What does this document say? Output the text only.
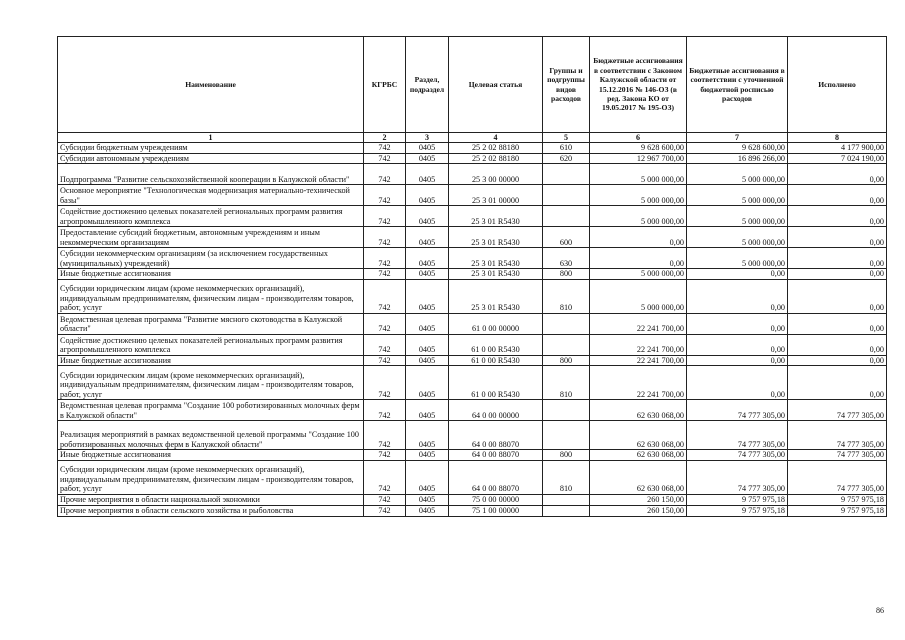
Наименование	КГРБС	Раздел, подраздел	Целевая статья	Группы и подгруппы видов расходов	Бюджетные ассигнования в соответствии с Законом Калужской области от 15.12.2016 № 146-ОЗ (в ред. Закона КО от 19.05.2017 № 195-ОЗ)	Бюджетные ассигнования в соответствии с уточненной бюджетной росписью расходов	Исполнено
1	2	3	4	5	6	7	8
Субсидии бюджетным учреждениям	742	0405	25 2 02 88180	610	9 628 600,00	9 628 600,00	4 177 900,00
Субсидии автономным учреждениям	742	0405	25 2 02 88180	620	12 967 700,00	16 896 266,00	7 024 190,00
Подпрограмма "Развитие сельскохозяйственной кооперации в Калужской области"	742	0405	25 3 00 00000		5 000 000,00	5 000 000,00	0,00
Основное мероприятие "Технологическая модернизация материально-технической базы"	742	0405	25 3 01 00000		5 000 000,00	5 000 000,00	0,00
Содействие достижению целевых показателей региональных программ развития агропромышленного комплекса	742	0405	25 3 01 R5430		5 000 000,00	5 000 000,00	0,00
Предоставление субсидий бюджетным, автономным учреждениям и иным некоммерческим организациям	742	0405	25 3 01 R5430	600	0,00	5 000 000,00	0,00
Субсидии некоммерческим организациям (за исключением государственных (муниципальных) учреждений)	742	0405	25 3 01 R5430	630	0,00	5 000 000,00	0,00
Иные бюджетные ассигнования	742	0405	25 3 01 R5430	800	5 000 000,00	0,00	0,00
Субсидии юридическим лицам (кроме некоммерческих организаций), индивидуальным предпринимателям, физическим лицам - производителям товаров, работ, услуг	742	0405	25 3 01 R5430	810	5 000 000,00	0,00	0,00
Ведомственная целевая программа "Развитие мясного скотоводства в Калужской области"	742	0405	61 0 00 00000		22 241 700,00	0,00	0,00
Содействие достижению целевых показателей региональных программ развития агропромышленного комплекса	742	0405	61 0 00 R5430		22 241 700,00	0,00	0,00
Иные бюджетные ассигнования	742	0405	61 0 00 R5430	800	22 241 700,00	0,00	0,00
Субсидии юридическим лицам (кроме некоммерческих организаций), индивидуальным предпринимателям, физическим лицам - производителям товаров, работ, услуг	742	0405	61 0 00 R5430	810	22 241 700,00	0,00	0,00
Ведомственная целевая программа "Создание 100 роботизированных молочных ферм в Калужской области"	742	0405	64 0 00 00000		62 630 068,00	74 777 305,00	74 777 305,00
Реализация мероприятий в рамках ведомственной целевой программы "Создание 100 роботизированных молочных ферм в Калужской области"	742	0405	64 0 00 88070		62 630 068,00	74 777 305,00	74 777 305,00
Иные бюджетные ассигнования	742	0405	64 0 00 88070	800	62 630 068,00	74 777 305,00	74 777 305,00
Субсидии юридическим лицам (кроме некоммерческих организаций), индивидуальным предпринимателям, физическим лицам - производителям товаров, работ, услуг	742	0405	64 0 00 88070	810	62 630 068,00	74 777 305,00	74 777 305,00
Прочие мероприятия в области национальной экономики	742	0405	75 0 00 00000		260 150,00	9 757 975,18	9 757 975,18
Прочие мероприятия в области сельского хозяйства и рыболовства	742	0405	75 1 00 00000		260 150,00	9 757 975,18	9 757 975,18
86
